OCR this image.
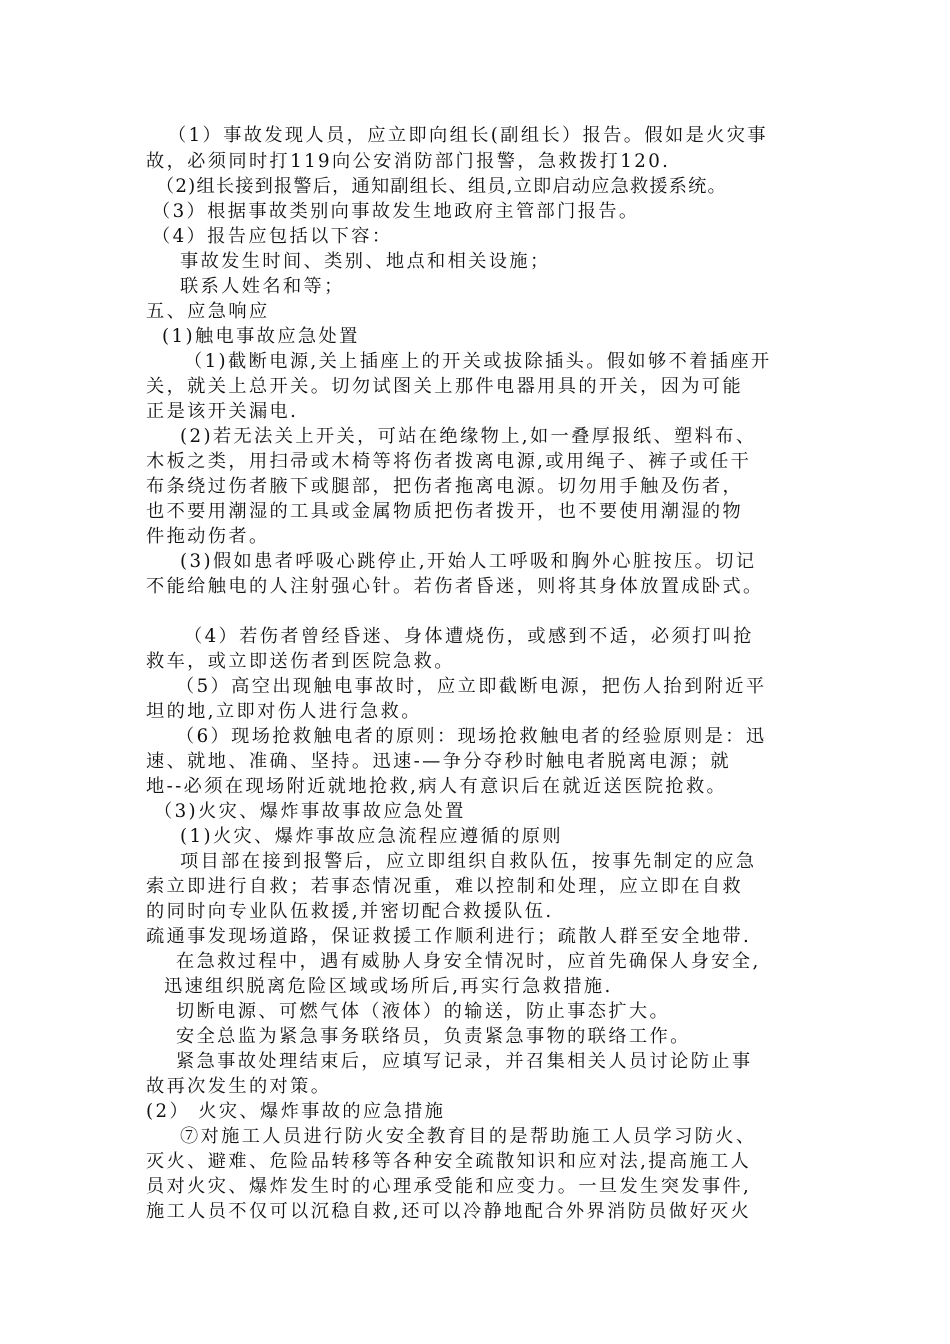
（1）事故发现人员，应立即向组长(副组长）报告。假如是火灾事
故，必须同时打119向公安消防部门报警，急救拨打120.
（2)组长接到报警后，通知副组长、组员,立即启动应急救援系统。
（3）根据事故类别向事故发生地政府主管部门报告。
（4）报告应包括以下容：
事故发生时间、类别、地点和相关设施；
联系人姓名和等；
五、应急响应
(1)触电事故应急处置
（1)截断电源,关上插座上的开关或拔除插头。假如够不着插座开
关，就关上总开关。切勿试图关上那件电器用具的开关，因为可能
正是该开关漏电.
(2)若无法关上开关，可站在绝缘物上,如一叠厚报纸、塑料布、
木板之类，用扫帚或木椅等将伤者拨离电源,或用绳子、裤子或任干
布条绕过伤者腋下或腿部，把伤者拖离电源。切勿用手触及伤者，
也不要用潮湿的工具或金属物质把伤者拨开，也不要使用潮湿的物
件拖动伤者。
(3)假如患者呼吸心跳停止,开始人工呼吸和胸外心脏按压。切记
不能给触电的人注射强心针。若伤者昏迷，则将其身体放置成卧式。
（4）若伤者曾经昏迷、身体遭烧伤，或感到不适，必须打叫抢
救车，或立即送伤者到医院急救。
（5）高空出现触电事故时，应立即截断电源，把伤人抬到附近平
坦的地,立即对伤人进行急救。
（6）现场抢救触电者的原则：现场抢救触电者的经验原则是：迅
速、就地、准确、坚持。迅速-—争分夺秒时触电者脱离电源；就
地--必须在现场附近就地抢救,病人有意识后在就近送医院抢救。
（3)火灾、爆炸事故事故应急处置
(1)火灾、爆炸事故应急流程应遵循的原则
项目部在接到报警后，应立即组织自救队伍，按事先制定的应急
索立即进行自救；若事态情况重，难以控制和处理，应立即在自救
的同时向专业队伍救援,并密切配合救援队伍.
疏通事发现场道路，保证救援工作顺利进行；疏散人群至安全地带.
在急救过程中，遇有威胁人身安全情况时，应首先确保人身安全,
迅速组织脱离危险区域或场所后,再实行急救措施.
切断电源、可燃气体（液体）的输送，防止事态扩大。
安全总监为紧急事务联络员，负责紧急事物的联络工作。
紧急事故处理结束后，应填写记录，并召集相关人员讨论防止事
故再次发生的对策。
(2） 火灾、爆炸事故的应急措施
⑦对施工人员进行防火安全教育目的是帮助施工人员学习防火、
灭火、避难、危险品转移等各种安全疏散知识和应对法,提高施工人
员对火灾、爆炸发生时的心理承受能和应变力。一旦发生突发事件,
施工人员不仅可以沉稳自救,还可以冷静地配合外界消防员做好灭火
